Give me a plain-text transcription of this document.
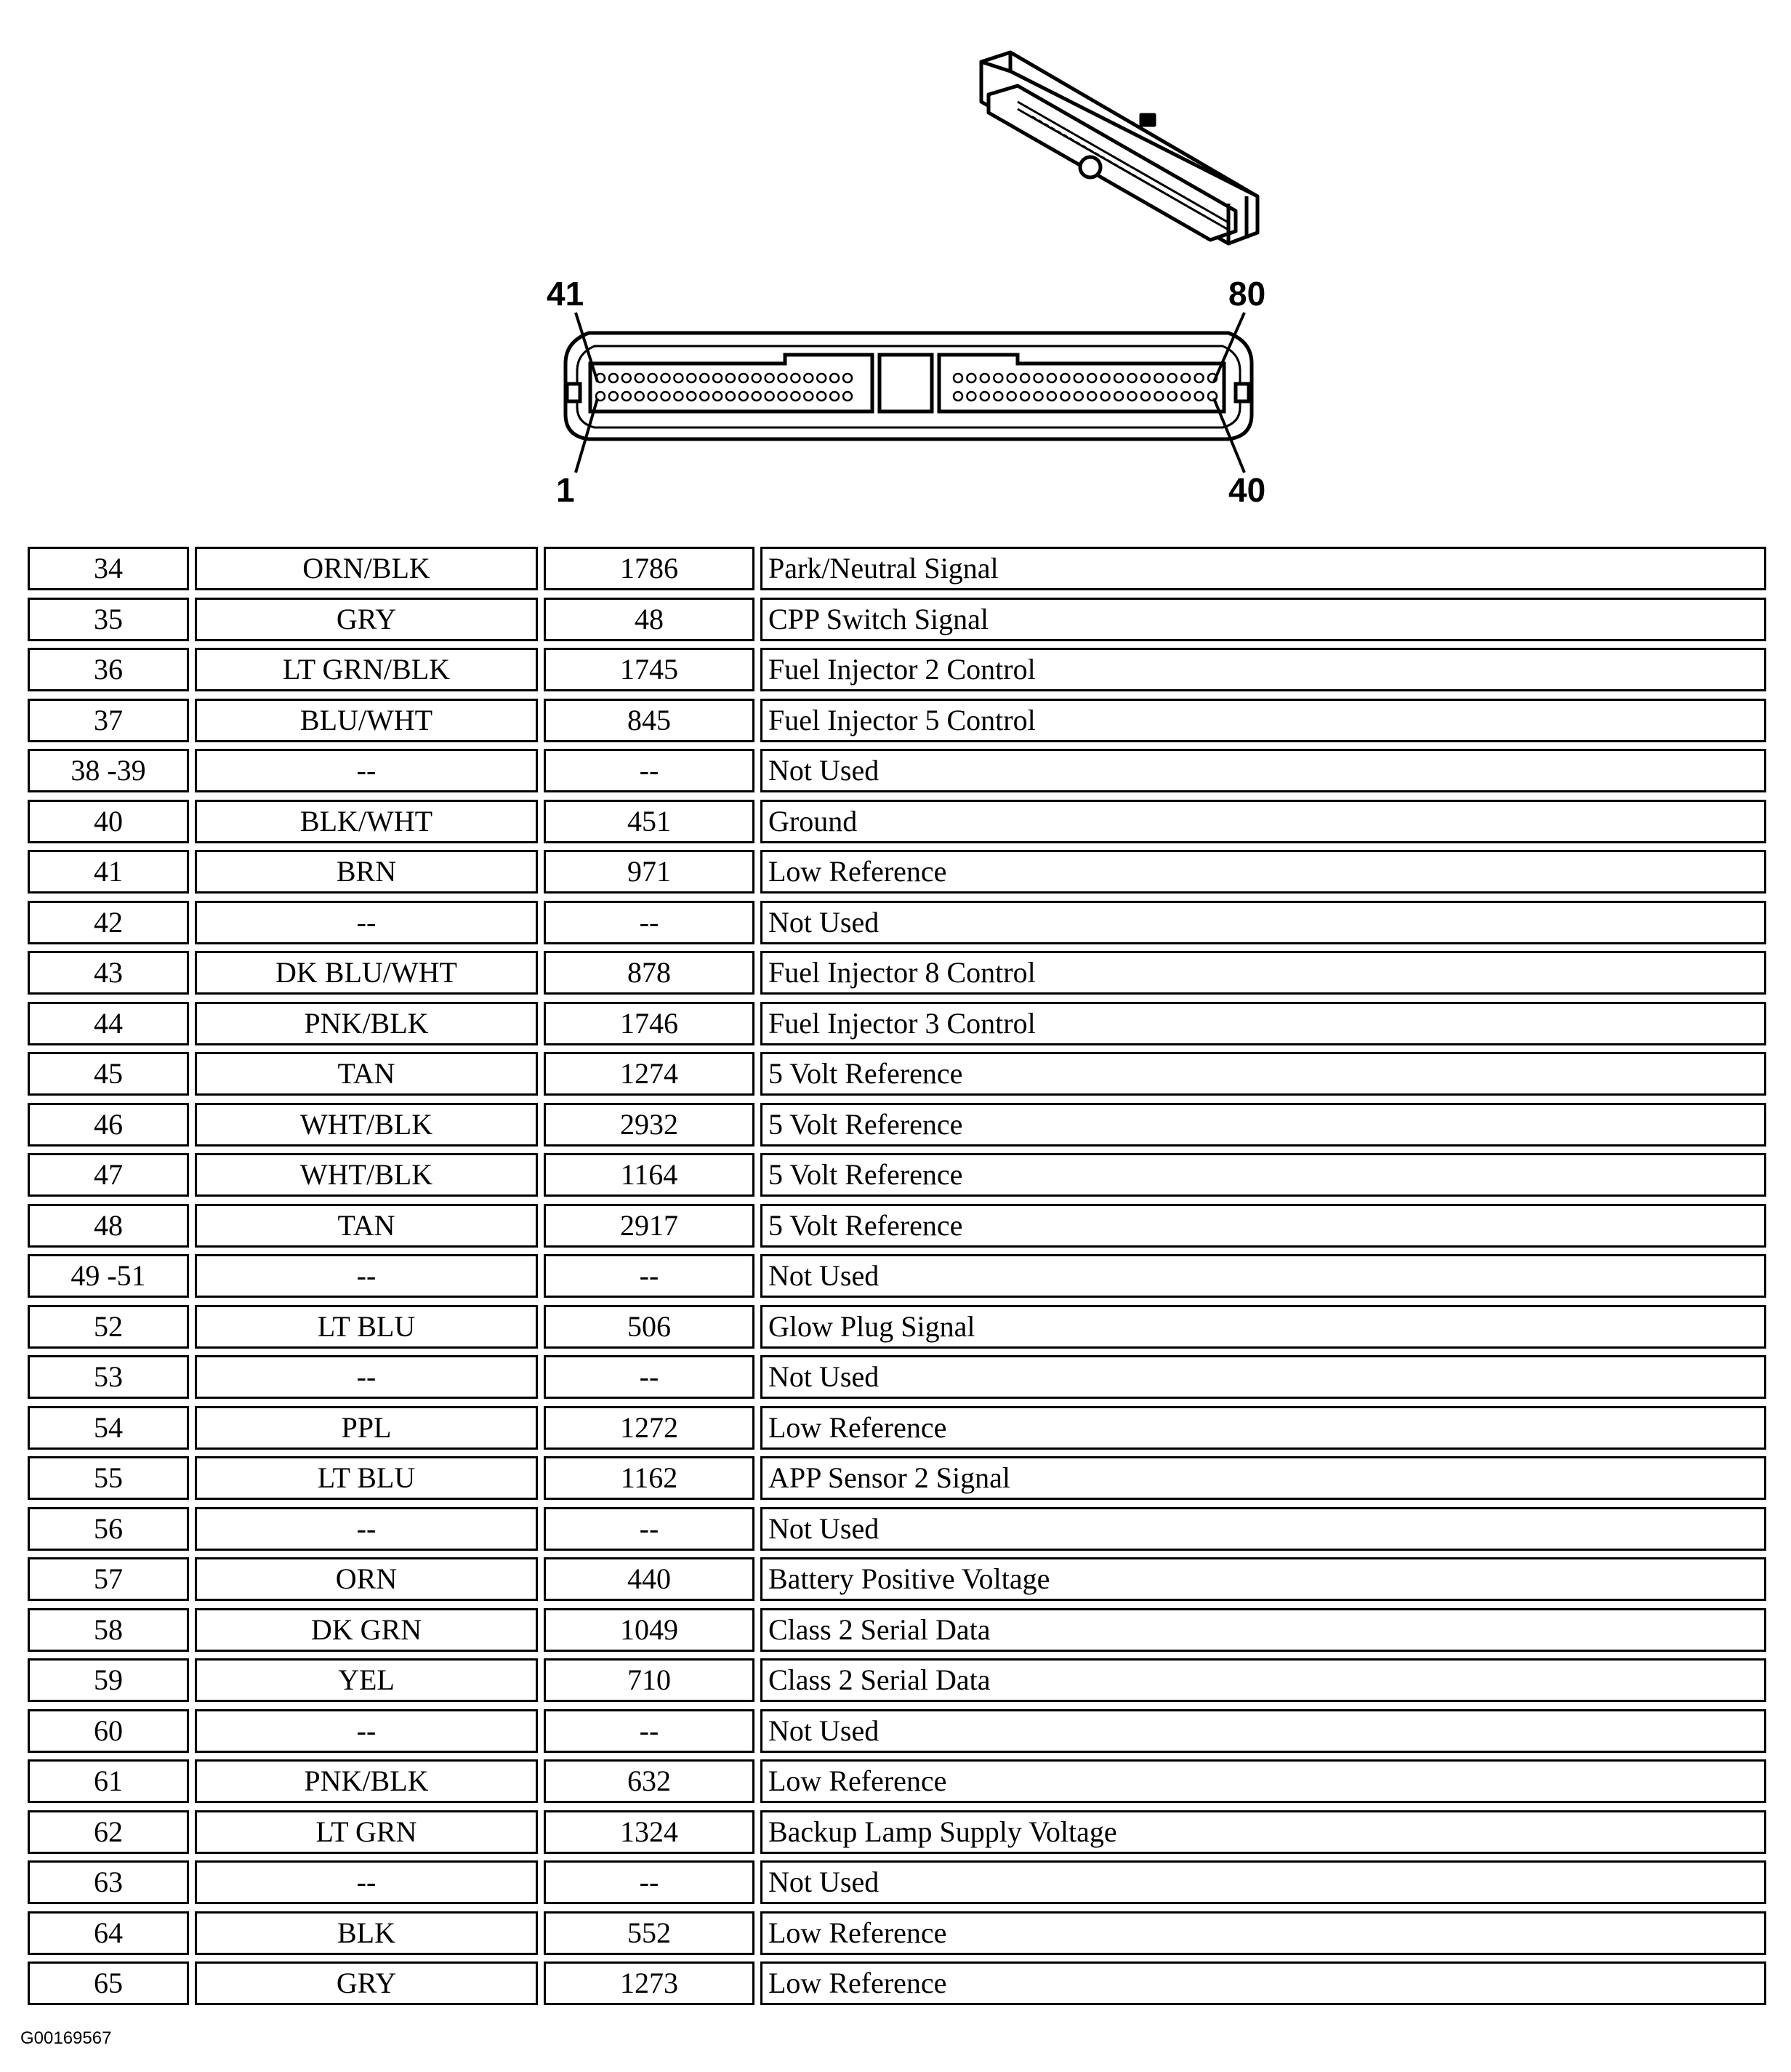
41	80
1	40
34	ORN/BLK	1786	Park/Neutral Signal
35	GRY	48	CPP Switch Signal
36	LT GRN/BLK	1745	Fuel Injector 2 Control
37	BLU/WHT	845	Fuel Injector 5 Control
38 -39	--	--	Not Used
40	BLK/WHT	451	Ground
41	BRN	971	Low Reference
42	--	--	Not Used
43	DK BLU/WHT	878	Fuel Injector 8 Control
44	PNK/BLK	1746	Fuel Injector 3 Control
45	TAN	1274	5 Volt Reference
46	WHT/BLK	2932	5 Volt Reference
47	WHT/BLK	1164	5 Volt Reference
48	TAN	2917	5 Volt Reference
49 -51	--	--	Not Used
52	LT BLU	506	Glow Plug Signal
53	--	--	Not Used
54	PPL	1272	Low Reference
55	LT BLU	1162	APP Sensor 2 Signal
56	--	--	Not Used
57	ORN	440	Battery Positive Voltage
58	DK GRN	1049	Class 2 Serial Data
59	YEL	710	Class 2 Serial Data
60	--	--	Not Used
61	PNK/BLK	632	Low Reference
62	LT GRN	1324	Backup Lamp Supply Voltage
63	--	--	Not Used
64	BLK	552	Low Reference
65	GRY	1273	Low Reference
G00169567
